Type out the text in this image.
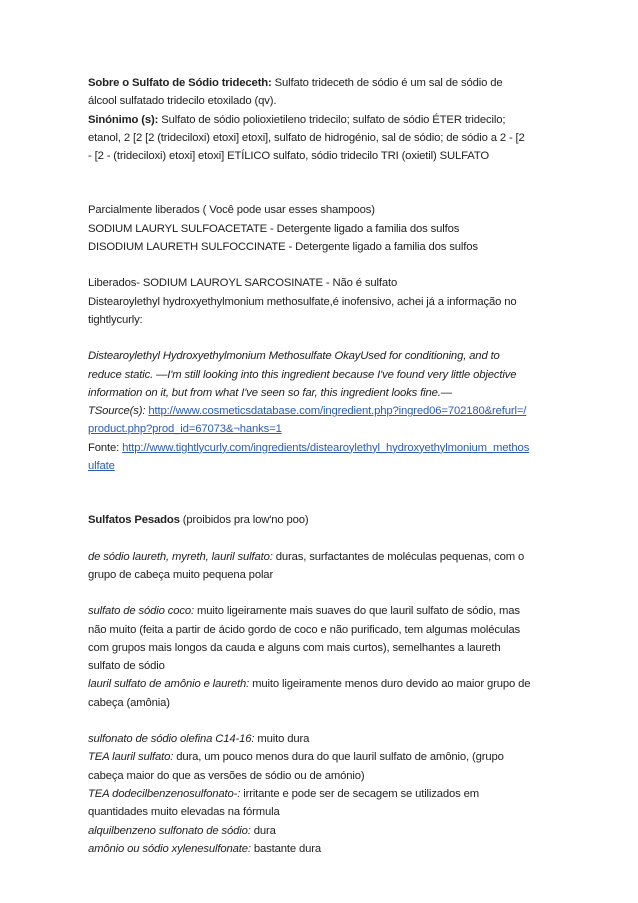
Sobre o Sulfato de Sódio trideceth: Sulfato trideceth de sódio é um sal de sódio de

álcool sulfatado tridecilo etoxilado (qv).

Sinónimo (s): Sulfato de sódio polioxietileno tridecilo; sulfato de sódio ÉTER tridecilo;

etanol, 2 [2 [2 (trideciloxi) etoxi] etoxi], sulfato de hidrogénio, sal de sódio; de sódio a 2 - [2

- [2 - (trideciloxi) etoxi] etoxi] ETÍLICO sulfato, sódio tridecilo TRI (oxietil) SULFATO

Parcialmente liberados ( Você pode usar esses shampoos)

SODIUM LAURYL SULFOACETATE - Detergente ligado a familia dos sulfos

DISODIUM LAURETH SULFOCCINATE - Detergente ligado a familia dos sulfos

Liberados- SODIUM LAUROYL SARCOSINATE - Não é sulfato

Distearoylethyl hydroxyethylmonium methosulfate,é inofensivo, achei já a informação no

tightlycurly:

Distearoylethyl Hydroxyethylmonium Methosulfate OkayUsed for conditioning, and to

reduce static. —I'm still looking into this ingredient because I've found very little objective

information on it, but from what I've seen so far, this ingredient looks fine.—

TSource(s): http://www.cosmeticsdatabase.com/ingredient.php?ingred06=702180&refurl=/

product.php?prod_id=67073&¬hanks=1

Fonte: http://www.tightlycurly.com/ingredients/distearoylethyl_hydroxyethylmonium_methos

ulfate

Sulfatos Pesados (proibidos pra low'no poo)

de sódio laureth, myreth, lauril sulfato: duras, surfactantes de moléculas pequenas, com o

grupo de cabeça muito pequena polar

sulfato de sódio coco: muito ligeiramente mais suaves do que lauril sulfato de sódio, mas

não muito (feita a partir de ácido gordo de coco e não purificado, tem algumas moléculas

com grupos mais longos da cauda e alguns com mais curtos), semelhantes a laureth

sulfato de sódio

lauril sulfato de amônio e laureth: muito ligeiramente menos duro devido ao maior grupo de

cabeça (amônia)

sulfonato de sódio olefina C14-16: muito dura

TEA lauril sulfato: dura, um pouco menos dura do que lauril sulfato de amônio, (grupo

cabeça maior do que as versões de sódio ou de amónio)

TEA dodecilbenzenosulfonato-: irritante e pode ser de secagem se utilizados em

quantidades muito elevadas na fórmula

alquilbenzeno sulfonato de sódio: dura

amônio ou sódio xylenesulfonate: bastante dura
